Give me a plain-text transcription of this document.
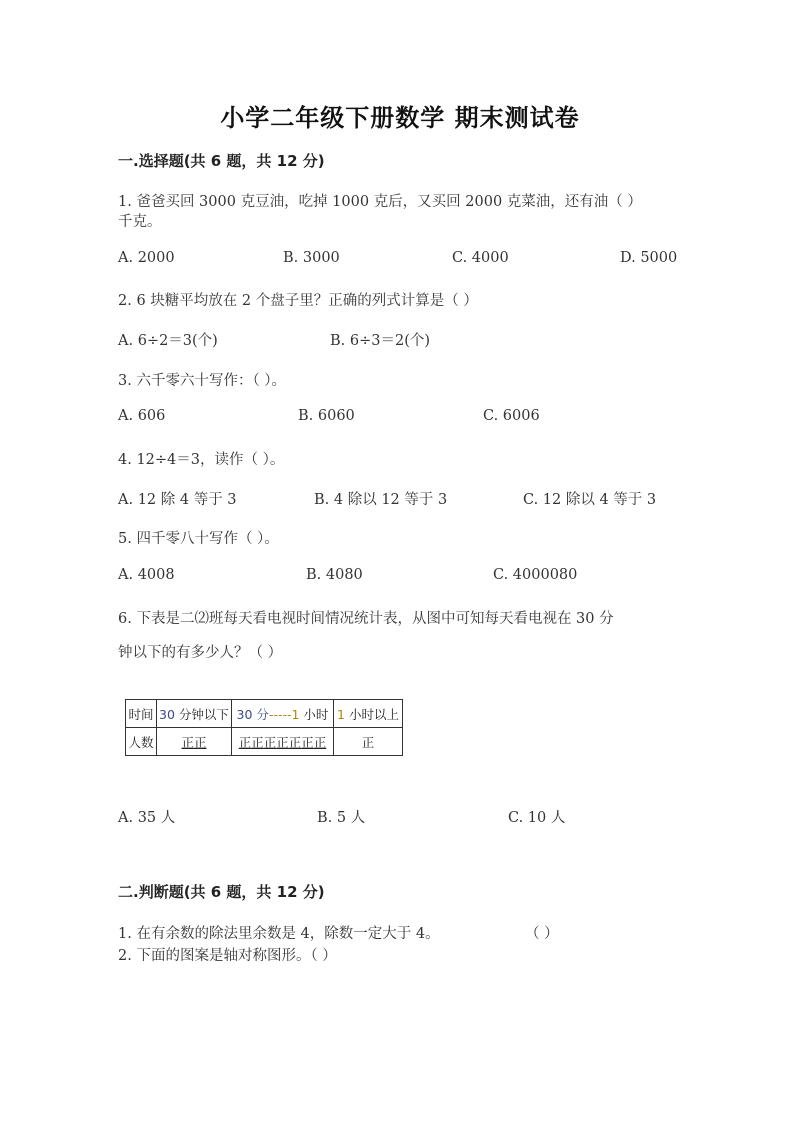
小学二年级下册数学 期末测试卷
一.选择题(共 6 题，共 12 分)
1. 爸爸买回 3000 克豆油，吃掉 1000 克后，又买回 2000 克菜油，还有油（ ）
千克。
A. 2000	B. 3000	C. 4000	D. 5000
2. 6 块糖平均放在 2 个盘子里？正确的列式计算是（ ）
A. 6÷2＝3(个)	B. 6÷3＝2(个)
3. 六千零六十写作：（ ）。
A. 606	B. 6060	C. 6006
4. 12÷4＝3，读作（ ）。
A. 12 除 4 等于 3	B. 4 除以 12 等于 3	C. 12 除以 4 等于 3
5. 四千零八十写作（ ）。
A. 4008	B. 4080	C. 4000080
6. 下表是二⑵班每天看电视时间情况统计表，从图中可知每天看电视在 30 分
钟以下的有多少人？（ ）
时间	30 分钟以下	30 分-----1 小时	1 小时以上
人数	正正	正正正正正正正	正
A. 35 人	B. 5 人	C. 10 人
二.判断题(共 6 题，共 12 分)
1. 在有余数的除法里余数是 4，除数一定大于 4。	（ ）
2. 下面的图案是轴对称图形。（ ）
